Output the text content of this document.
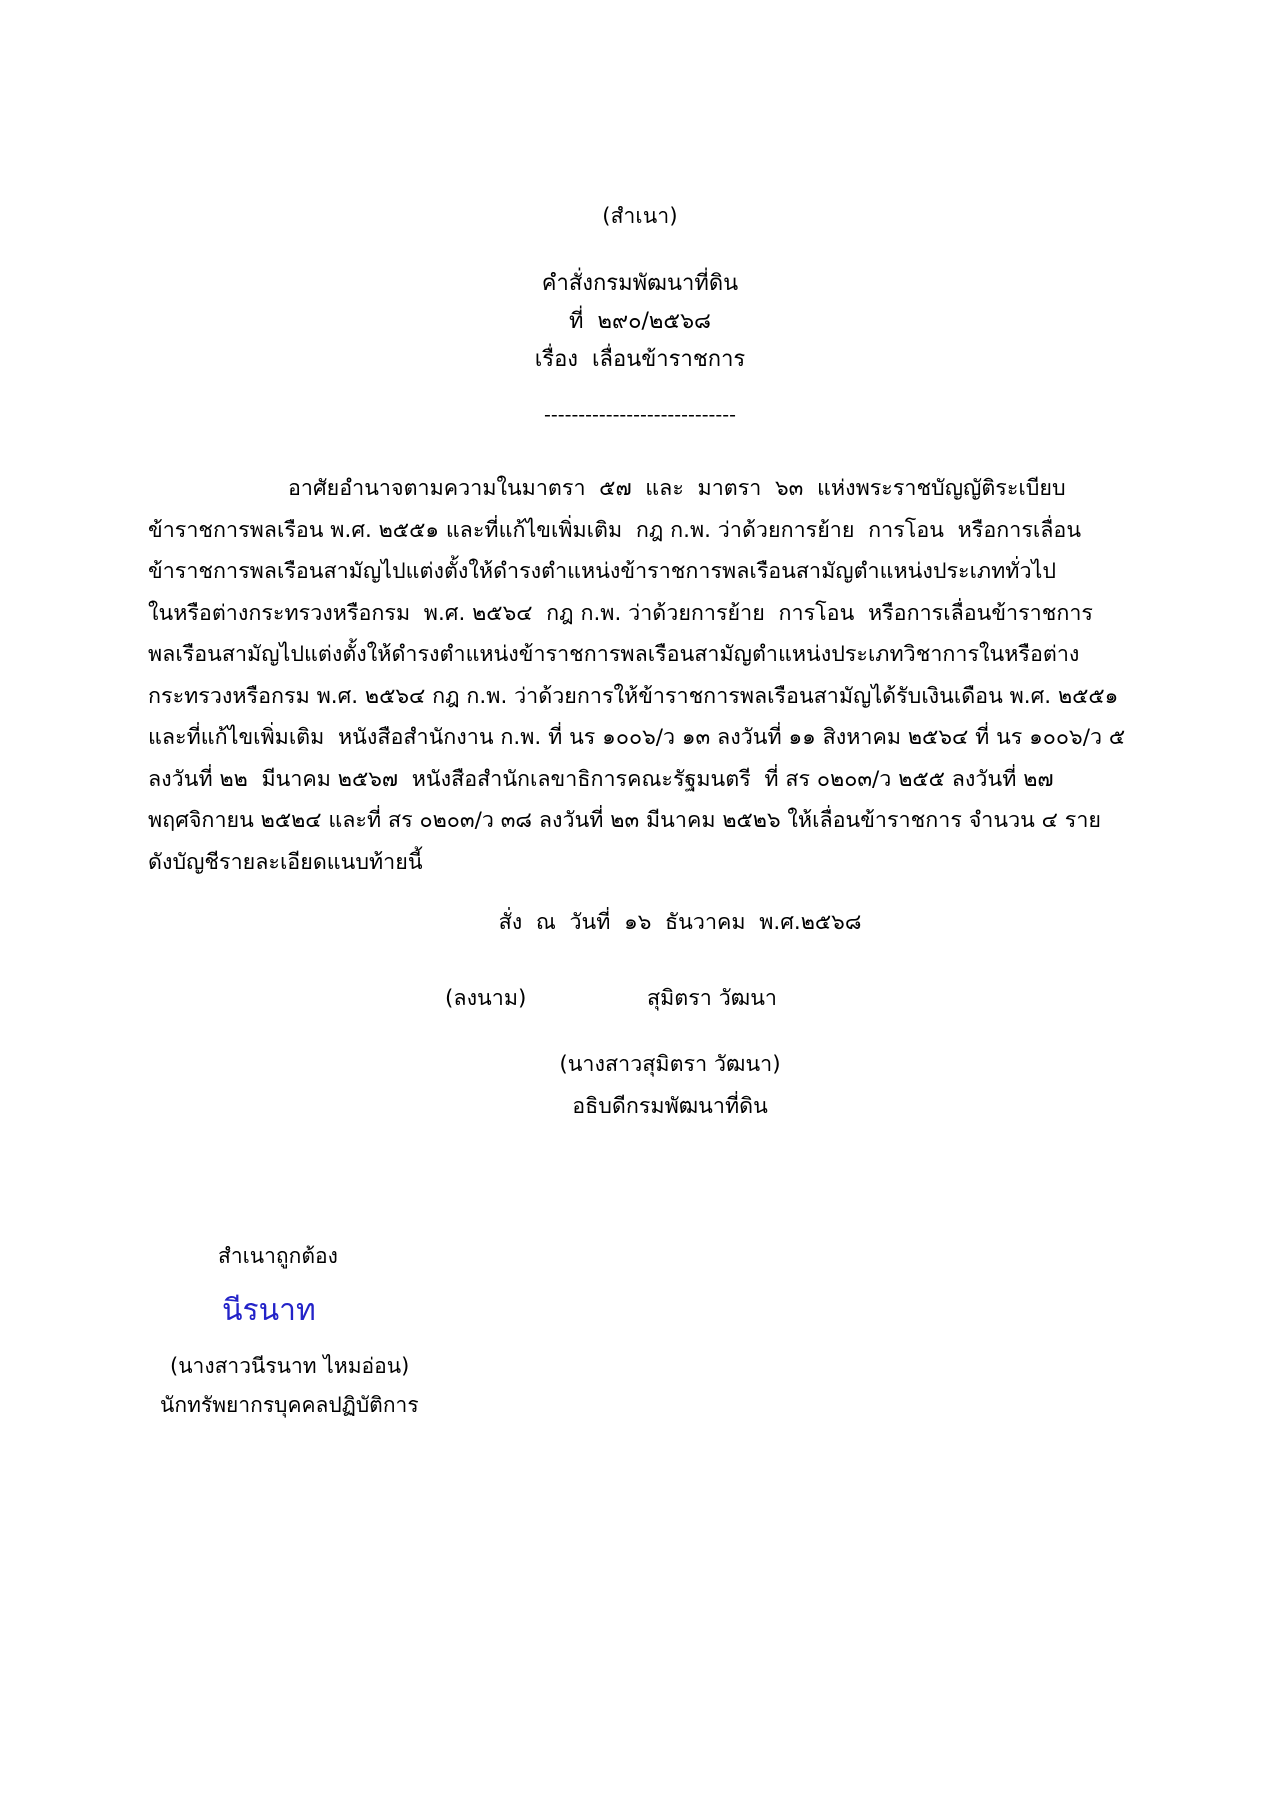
(สำเนา)
คำสั่งกรมพัฒนาที่ดิน
ที่  ๒๙๐/๒๕๖๘
เรื่อง  เลื่อนข้าราชการ
----------------------------
อาศัยอำนาจตามความในมาตรา  ๕๗  และ  มาตรา  ๖๓  แห่งพระราชบัญญัติระเบียบ
ข้าราชการพลเรือน พ.ศ. ๒๕๕๑ และที่แก้ไขเพิ่มเติม  กฎ ก.พ. ว่าด้วยการย้าย  การโอน  หรือการเลื่อน
ข้าราชการพลเรือนสามัญไปแต่งตั้งให้ดำรงตำแหน่งข้าราชการพลเรือนสามัญตำแหน่งประเภททั่วไป
ในหรือต่างกระทรวงหรือกรม  พ.ศ. ๒๕๖๔  กฎ ก.พ. ว่าด้วยการย้าย  การโอน  หรือการเลื่อนข้าราชการ
พลเรือนสามัญไปแต่งตั้งให้ดำรงตำแหน่งข้าราชการพลเรือนสามัญตำแหน่งประเภทวิชาการในหรือต่าง
กระทรวงหรือกรม พ.ศ. ๒๕๖๔ กฎ ก.พ. ว่าด้วยการให้ข้าราชการพลเรือนสามัญได้รับเงินเดือน พ.ศ. ๒๕๕๑
และที่แก้ไขเพิ่มเติม  หนังสือสำนักงาน ก.พ. ที่ นร ๑๐๐๖/ว ๑๓ ลงวันที่ ๑๑ สิงหาคม ๒๕๖๔ ที่ นร ๑๐๐๖/ว ๕
ลงวันที่ ๒๒  มีนาคม ๒๕๖๗  หนังสือสำนักเลขาธิการคณะรัฐมนตรี  ที่ สร ๐๒๐๓/ว ๒๕๕ ลงวันที่ ๒๗
พฤศจิกายน ๒๕๒๔ และที่ สร ๐๒๐๓/ว ๓๘ ลงวันที่ ๒๓ มีนาคม ๒๕๒๖ ให้เลื่อนข้าราชการ จำนวน ๔ ราย
ดังบัญชีรายละเอียดแนบท้ายนี้
สั่ง  ณ  วันที่  ๑๖  ธันวาคม  พ.ศ.๒๕๖๘
(ลงนาม)	สุมิตรา วัฒนา
(นางสาวสุมิตรา วัฒนา)
อธิบดีกรมพัฒนาที่ดิน
สำเนาถูกต้อง
นีรนาท
(นางสาวนีรนาท ไหมอ่อน)
นักทรัพยากรบุคคลปฏิบัติการ
